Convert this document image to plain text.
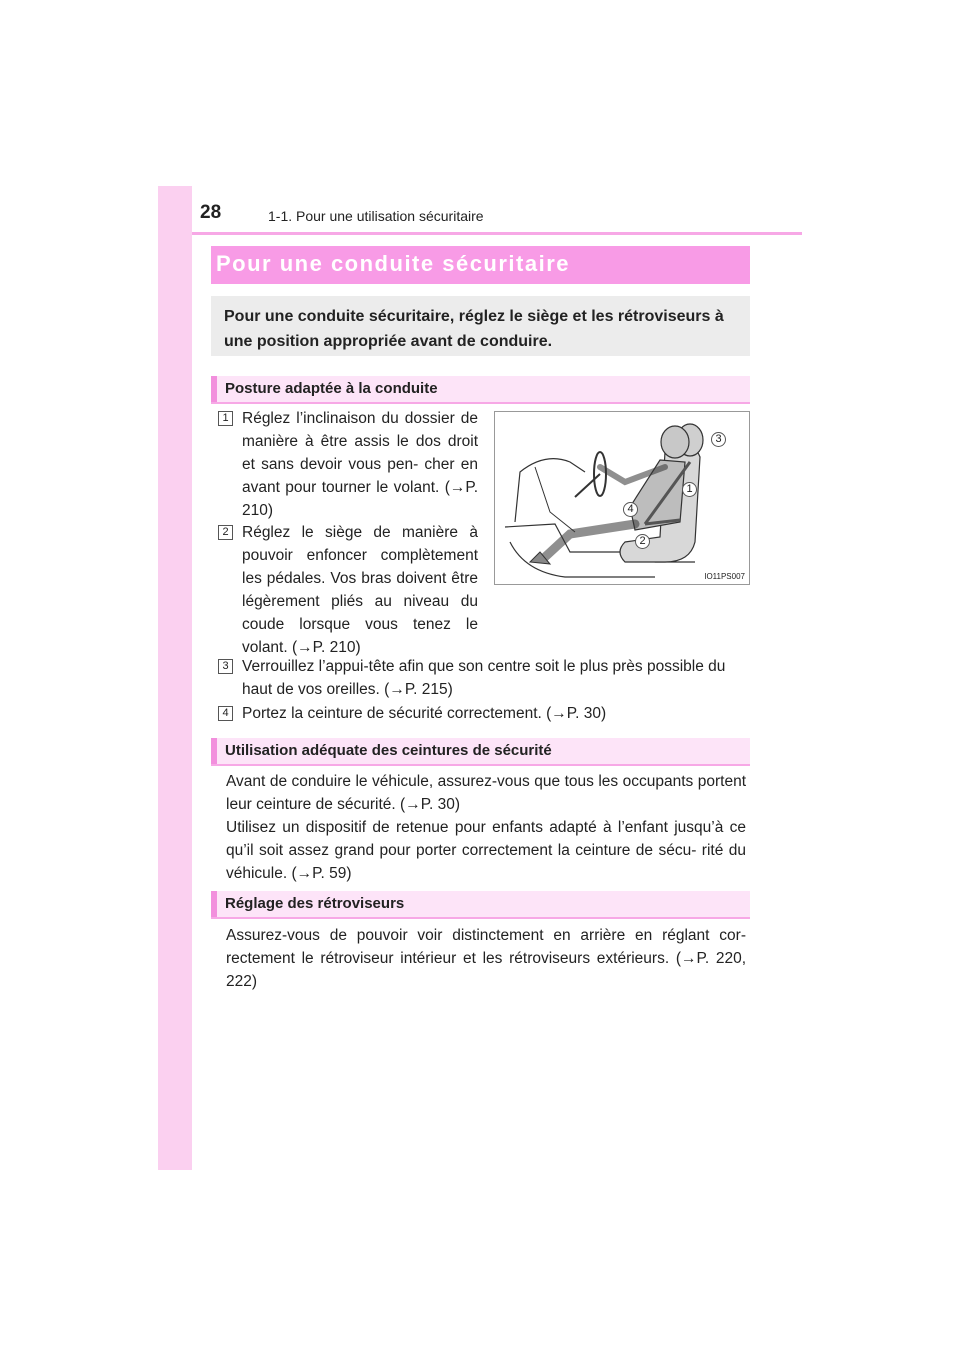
28	1-1. Pour une utilisation sécuritaire
Pour une conduite sécuritaire
Pour une conduite sécuritaire, réglez le siège et les rétroviseurs à une position appropriée avant de conduire.
Posture adaptée à la conduite
1 Réglez l’inclinaison du dossier de manière à être assis le dos droit et sans devoir vous pen- cher en avant pour tourner le volant. (→P. 210)
2 Réglez le siège de manière à pouvoir enfoncer complètement les pédales. Vos bras doivent être légèrement pliés au niveau du coude lorsque vous tenez le volant. (→P. 210)
3
1
4
2
IO11PS007
3 Verrouillez l’appui-tête afin que son centre soit le plus près possible du haut de vos oreilles. (→P. 215)
4 Portez la ceinture de sécurité correctement. (→P. 30)
Utilisation adéquate des ceintures de sécurité
Avant de conduire le véhicule, assurez-vous que tous les occupants portent leur ceinture de sécurité. (→P. 30)
Utilisez un dispositif de retenue pour enfants adapté à l’enfant jusqu’à ce qu’il soit assez grand pour porter correctement la ceinture de sécu- rité du véhicule. (→P. 59)
Réglage des rétroviseurs
Assurez-vous de pouvoir voir distinctement en arrière en réglant cor- rectement le rétroviseur intérieur et les rétroviseurs extérieurs. (→P. 220, 222)
